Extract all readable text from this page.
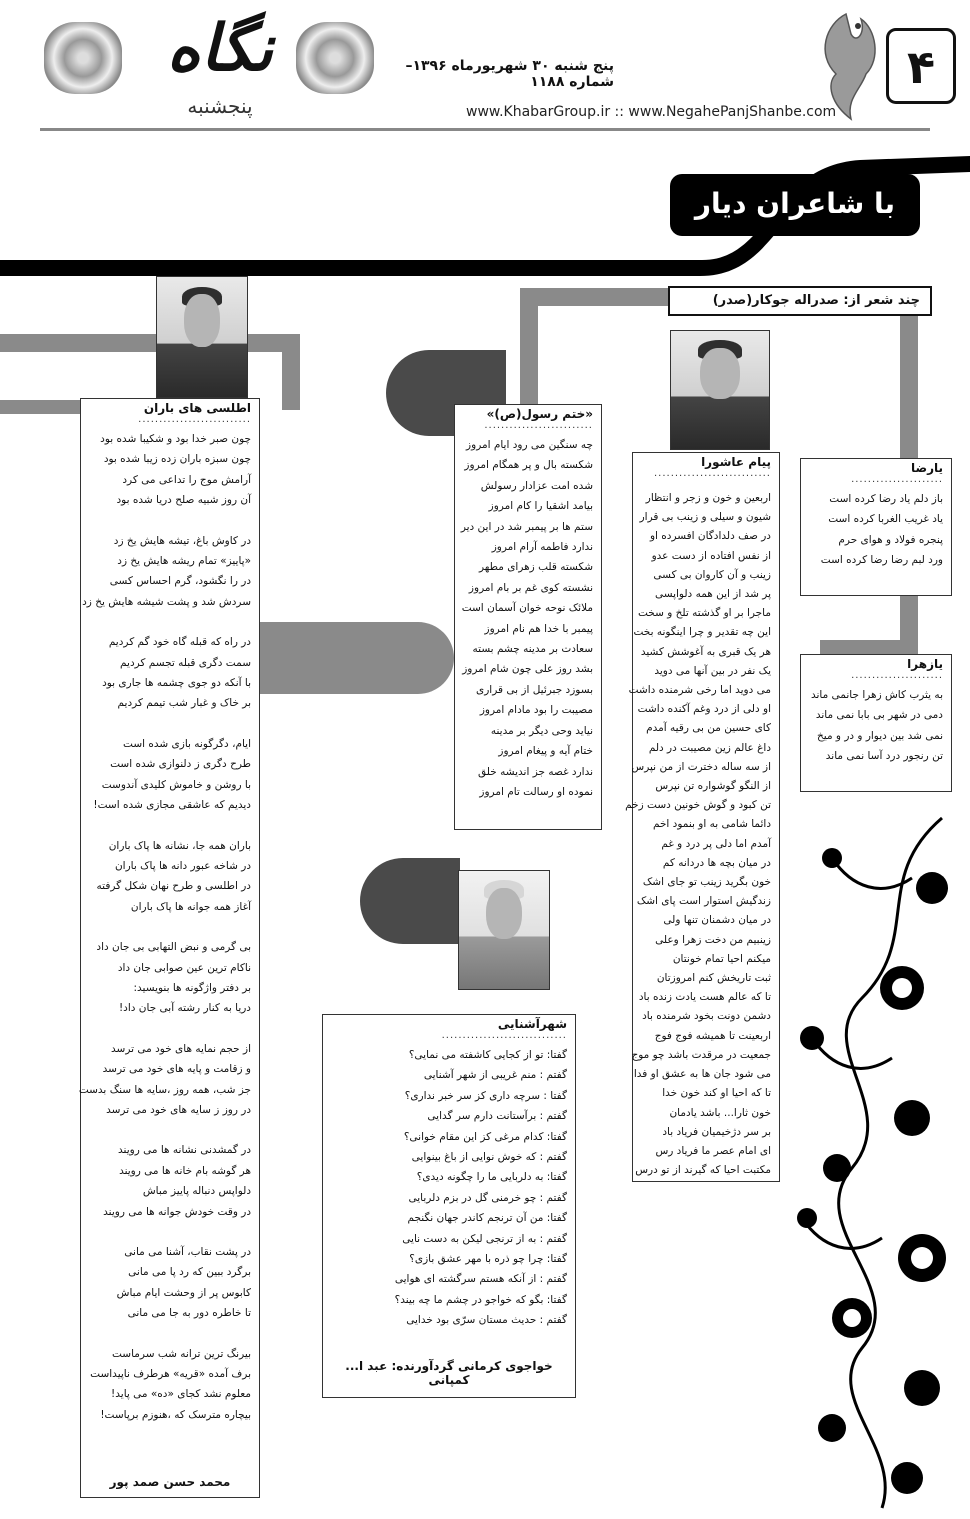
نگاه
پنجشنبه
پنج شنبه ۳۰ شهریورماه ۱۳۹۶– شماره ۱۱۸۸
www.KhabarGroup.ir :: www.NegahePanjShanbe.com
۴
با شاعران دیار فارس
چند شعر از: صدراله جوکار(صدر)
اطلسی های باران
...........................
چون صبر خدا بود و شکیبا شده بود
چون سبزه باران زده زیبا شده بود
آرامش موج را تداعی می کرد
آن روز شبیه صلح دریا شده بود
در کاوش باغ، تیشه هایش یخ زد
«پاییز» تمام ریشه هایش یخ زد
در را نگشود، گرم احساس کسی
سردش شد و پشت شیشه هایش یخ زد
در راه که قبله گاه خود گم کردیم
سمت دگری قبله تجسم کردیم
با آنکه دو جوی چشمه ها جاری بود
بر خاک و غبار شب تیمم کردیم
ایام، دگرگونه بازی شده است
طرح دگری ز دلنوازی شده است
با روشن و خاموش کلیدی آندوست
دیدیم که عاشقی مجازی شده است!
باران همه جا، نشانه ها پاک باران
در شاخه عبور دانه ها پاک باران
در اطلسی و طرح نهان شکل گرفته
آغاز همه جوانه ها پاک باران
بی گرمی و نبض التهابی بی جان داد
ناکام ترین عین صوابی جان داد
بر دفتر واژگونه ها بنویسید:
دریا به کنار رشته آبی جان داد!
از حجم نمایه های خود می ترسد
و زقامت و پایه های خود می ترسد
جز شب، همه روز ،سایه ها سنگ بدست
در روز ز سایه های خود می ترسد
در گمشدنی نشانه ها می رویند
هر گوشه بام خانه ها می رویند
دلواپس دنباله پاییز مباش
در وقت خودش جوانه ها می رویند
در پشت نقاب، آشنا می مانی
برگرد ببین که رد پا می مانی
کابوس پر از وحشت ایام مباش
تا خاطره دور به جا می مانی
بیرنگ ترین ترانه شب سرماست
برف آمده «قریه» هرطرف ناپیداست
معلوم نشد کجای «ده» می پاید!
بیچاره مترسک که ،هنوزم برپاست!
محمد حسن صمد پور
«ختم رسول(ص)»
..........................
چه سنگین می رود ایام امروز
شکسته بال و پر همگام امروز
شده امت عزادار رسولش
بیامد اشقیا را کام امروز
ستم ها بر پیمبر شد در این دیر
ندارد فاطمه آرام امروز
شکسته قلب زهرای مطهر
نشسته کوی غم بر بام امروز
ملائک نوحه خوان آسمان است
پیمبر با خدا هم نام امروز
سعادت بر مدینه چشم بسته
بشد روز علی چون شام امروز
بسوزد جبرئیل از بی قراری
مصیبت را بود مادام امروز
نیاید وحی دیگر بر مدینه
ختام آیه و پیغام امروز
ندارد غصه جز اندیشه خلق
نموده او رسالت تام امروز
پیام عاشورا
............................
اربعین و خون و زجر و انتظار
شیون و سیلی و زینب بی قرار
در صف دلدادگان افسرده او
از نفس افتاده از دست عدو
زینب و آن کاروان بی کسی
پر شد از این همه دلواپسی
ماجرا بر او گذشته تلخ و سخت
این چه تقدیر و چرا اینگونه بخت
هر یک قبری به آغوشش کشید
یک نفر در بین آنها می دوید
می دوید اما رخی شرمنده داشت
او دلی از درد وغم آکنده داشت
کای حسین من بی رقیه آمدم
داغ عالم زین مصیبت در دلم
از سه ساله دخترت از من نپرس
از النگو گوشواره تن نپرس
تن کبود و گوش خونین دست زخم
دائما شامی به او بنمود اخم
آمدم اما دلی پر درد و غم
در میان بچه ها دردانه کم
خون بگرید زینب تو جای اشک
زندگیش استوار است پای اشک
در میان دشمنان تنها ولی
زینبیم من دخت زهرا وعلی
میکنم احیا تمام خونتان
ثبت تاریخش کنم امروزتان
تا که عالم هست یادت زنده باد
دشمن دونت بخود شرمنده باد
اربعینت تا همیشه فوج فوج
جمعیت در مرقدت باشد چو موج
می شود جان ها به عشق او فدا
تا که احیا او کند خون خدا
خون ثارا... باشد یادمان
بر سر دژخیمیان فریاد باد
ای امام عصر ما فریاد رس
مکتبت احیا که گیرند از تو درس
یارضا
......................
باز دلم یاد رضا کرده است
یاد غریب الغربا کرده است
پنجره فولاد و هوای حرم
ورد لبم رضا رضا کرده است
یازهرا
......................
به یثرب کاش زهرا جانمی ماند
دمی در شهر بی بابا نمی ماند
نمی شد بین دیوار و در و میخ
تن رنجور درد آسا نمی ماند
شهرآشنایی
..............................
گفتا: تو از کجایی کاشفته می نمایی؟
گفتم : منم غریبی از شهر آشنایی
گفتا : سرچه داری کز سر خبر نداری؟
گفتم : برآستانت دارم سر گدایی
گفتا: کدام مرغی کز این مقام خوانی؟
گفتم : که خوش نوایی از باغ بینوایی
گفتا: به دلربایی ما را چگونه دیدی؟
گفتم : چو خرمنی گل در بزم دلربایی
گفتا: من آن ترنجم کاندر جهان نگنجم
گفتم : به از ترنجی لیکن به دست نایی
گفتا: چرا چو ذره با مهر عشق بازی؟
گفتم : از آنکه هستم سرگشته ای هوایی
گفتا: بگو که خواجو در چشم ما چه بیند؟
گفتم : حدیث مستان سرّی بود خدایی
خواجوی کرمانی گردآورنده: عبد ا... کمپانی
